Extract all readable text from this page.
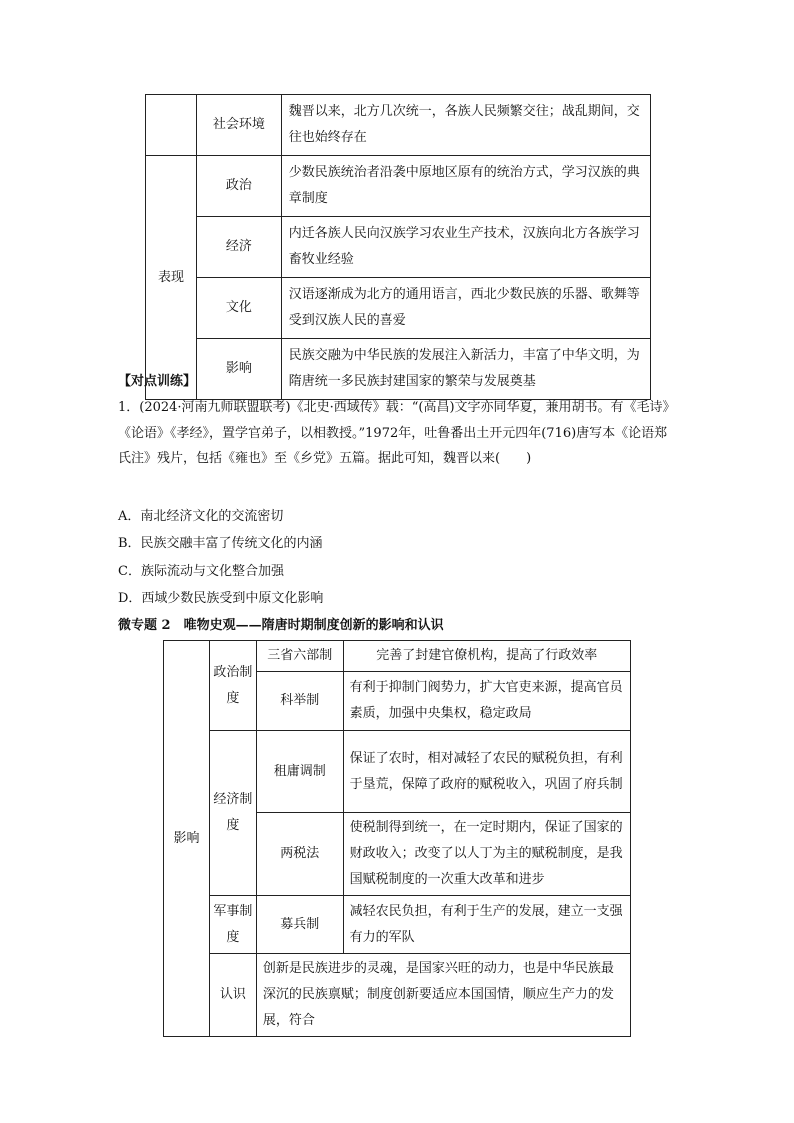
	社会环境	魏晋以来，北方几次统一，各族人民频繁交往；战乱期间，交往也始终存在
表现	政治	少数民族统治者沿袭中原地区原有的统治方式，学习汉族的典章制度
	经济	内迁各族人民向汉族学习农业生产技术，汉族向北方各族学习畜牧业经验
	文化	汉语逐渐成为北方的通用语言，西北少数民族的乐器、歌舞等受到汉族人民的喜爱
	影响	民族交融为中华民族的发展注入新活力，丰富了中华文明，为隋唐统一多民族封建国家的繁荣与发展奠基
【对点训练】

1．(2024·河南九师联盟联考)《北史·西域传》载：“(高昌)文字亦同华夏，兼用胡书。有《毛诗》《论语》《孝经》，置学官弟子，以相教授。”1972年，吐鲁番出土开元四年(716)唐写本《论语郑氏注》残片，包括《雍也》至《乡党》五篇。据此可知，魏晋以来(　　)

A．南北经济文化的交流密切
B．民族交融丰富了传统文化的内涵
C．族际流动与文化整合加强
D．西域少数民族受到中原文化影响
微专题 2　唯物史观——隋唐时期制度创新的影响和认识
影响	政治制度	三省六部制	完善了封建官僚机构，提高了行政效率
		科举制	有利于抑制门阀势力，扩大官吏来源，提高官员素质，加强中央集权，稳定政局
	经济制度	租庸调制	保证了农时，相对减轻了农民的赋税负担，有利于垦荒，保障了政府的赋税收入，巩固了府兵制
		两税法	使税制得到统一，在一定时期内，保证了国家的财政收入；改变了以人丁为主的赋税制度，是我国赋税制度的一次重大改革和进步
	军事制度	募兵制	减轻农民负担，有利于生产的发展，建立一支强有力的军队
	认识	创新是民族进步的灵魂，是国家兴旺的动力，也是中华民族最深沉的民族禀赋；制度创新要适应本国国情，顺应生产力的发展，符合	
